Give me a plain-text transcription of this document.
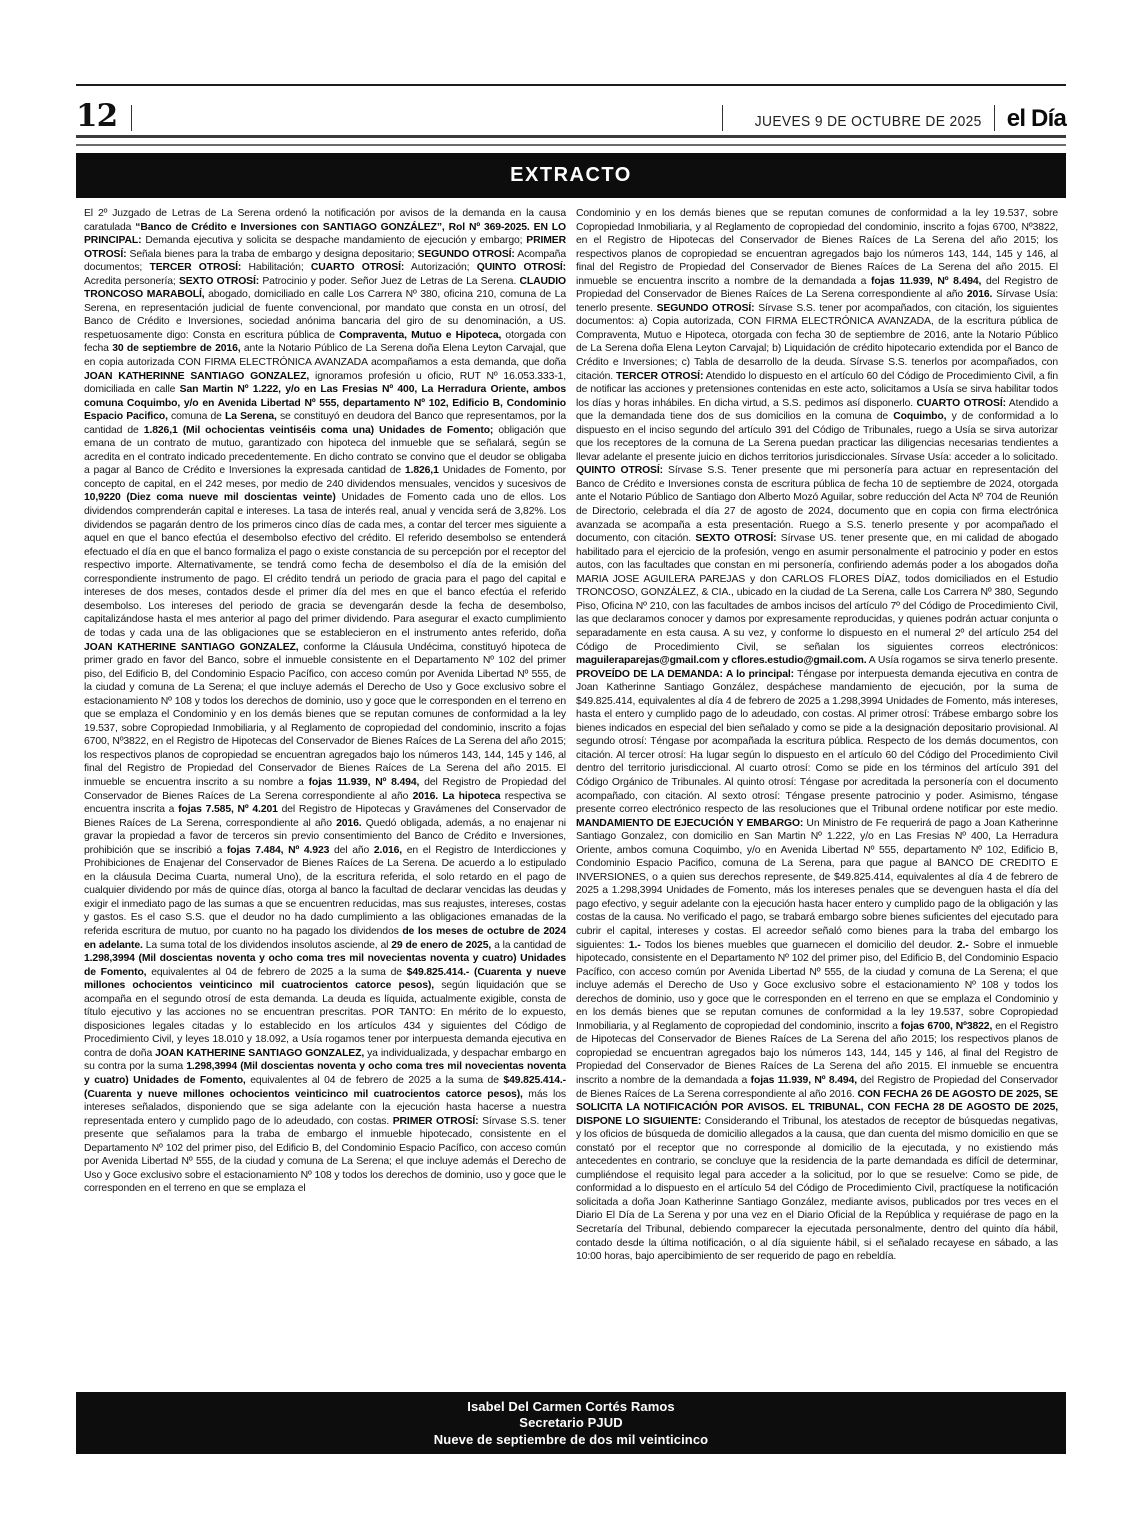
12	JUEVES 9 DE OCTUBRE DE 2025 el Día
EXTRACTO
El 2º Juzgado de Letras de La Serena ordenó la notificación por avisos de la demanda en la causa caratulada “Banco de Crédito e Inversiones con SANTIAGO GONZÁLEZ”, Rol Nº 369-2025. EN LO PRINCIPAL: Demanda ejecutiva y solicita se despache mandamiento de ejecución y embargo; PRIMER OTROSÍ: Señala bienes para la traba de embargo y designa depositario; SEGUNDO OTROSÍ: Acompaña documentos; TERCER OTROSÍ: Habilitación; CUARTO OTROSÍ: Autorización; QUINTO OTROSÍ: Acredita personería; SEXTO OTROSÍ: Patrocinio y poder. Señor Juez de Letras de La Serena. CLAUDIO TRONCOSO MARABOLÍ, abogado, domiciliado en calle Los Carrera Nº 380, oficina 210, comuna de La Serena, en representación judicial de fuente convencional, por mandato que consta en un otrosí, del Banco de Crédito e Inversiones, sociedad anónima bancaria del giro de su denominación, a US. respetuosamente digo: Consta en escritura pública de Compraventa, Mutuo e Hipoteca, otorgada con fecha 30 de septiembre de 2016, ante la Notario Público de La Serena doña Elena Leyton Carvajal, que en copia autorizada CON FIRMA ELECTRÓNICA AVANZADA acompañamos a esta demanda, que doña JOAN KATHERINNE SANTIAGO GONZALEZ, ignoramos profesión u oficio, RUT Nº 16.053.333-1, domiciliada en calle San Martin Nº 1.222, y/o en Las Fresias Nº 400, La Herradura Oriente, ambos comuna Coquimbo, y/o en Avenida Libertad Nº 555, departamento Nº 102, Edificio B, Condominio Espacio Pacifico, comuna de La Serena, se constituyó en deudora del Banco que representamos, por la cantidad de 1.826,1 (Mil ochocientas veintiséis coma una) Unidades de Fomento; obligación que emana de un contrato de mutuo, garantizado con hipoteca del inmueble que se señalará, según se acredita en el contrato indicado precedentemente. En dicho contrato se convino que el deudor se obligaba a pagar al Banco de Crédito e Inversiones la expresada cantidad de 1.826,1 Unidades de Fomento, por concepto de capital, en el 242 meses, por medio de 240 dividendos mensuales, vencidos y sucesivos de 10,9220 (Diez coma nueve mil doscientas veinte) Unidades de Fomento cada uno de ellos. Los dividendos comprenderán capital e intereses. La tasa de interés real, anual y vencida será de 3,82%. Los dividendos se pagarán dentro de los primeros cinco días de cada mes, a contar del tercer mes siguiente a aquel en que el banco efectúa el desembolso efectivo del crédito. El referido desembolso se entenderá efectuado el día en que el banco formaliza el pago o existe constancia de su percepción por el receptor del respectivo importe. Alternativamente, se tendrá como fecha de desembolso el día de la emisión del correspondiente instrumento de pago. El crédito tendrá un periodo de gracia para el pago del capital e intereses de dos meses, contados desde el primer día del mes en que el banco efectúa el referido desembolso. Los intereses del periodo de gracia se devengarán desde la fecha de desembolso, capitalizándose hasta el mes anterior al pago del primer dividendo. Para asegurar el exacto cumplimiento de todas y cada una de las obligaciones que se establecieron en el instrumento antes referido, doña JOAN KATHERINE SANTIAGO GONZALEZ, conforme la Cláusula Undécima, constituyó hipoteca de primer grado en favor del Banco, sobre el inmueble consistente en el Departamento Nº 102 del primer piso, del Edificio B, del Condominio Espacio Pacífico, con acceso común por Avenida Libertad Nº 555, de la ciudad y comuna de La Serena; el que incluye además el Derecho de Uso y Goce exclusivo sobre el estacionamiento Nº 108 y todos los derechos de dominio, uso y goce que le corresponden en el terreno en que se emplaza el Condominio y en los demás bienes que se reputan comunes de conformidad a la ley 19.537, sobre Copropiedad Inmobiliaria, y al Reglamento de copropiedad del condominio, inscrito a fojas 6700, Nº3822, en el Registro de Hipotecas del Conservador de Bienes Raíces de La Serena del año 2015; los respectivos planos de copropiedad se encuentran agregados bajo los números 143, 144, 145 y 146, al final del Registro de Propiedad del Conservador de Bienes Raíces de La Serena del año 2015. El inmueble se encuentra inscrito a su nombre a fojas 11.939, Nº 8.494, del Registro de Propiedad del Conservador de Bienes Raíces de La Serena correspondiente al año 2016. La hipoteca respectiva se encuentra inscrita a fojas 7.585, Nº 4.201 del Registro de Hipotecas y Gravámenes del Conservador de Bienes Raíces de La Serena, correspondiente al año 2016. Quedó obligada, además, a no enajenar ni gravar la propiedad a favor de terceros sin previo consentimiento del Banco de Crédito e Inversiones, prohibición que se inscribió a fojas 7.484, Nº 4.923 del año 2.016, en el Registro de Interdicciones y Prohibiciones de Enajenar del Conservador de Bienes Raíces de La Serena. De acuerdo a lo estipulado en la cláusula Decima Cuarta, numeral Uno), de la escritura referida, el solo retardo en el pago de cualquier dividendo por más de quince días, otorga al banco la facultad de declarar vencidas las deudas y exigir el inmediato pago de las sumas a que se encuentren reducidas, mas sus reajustes, intereses, costas y gastos. Es el caso S.S. que el deudor no ha dado cumplimiento a las obligaciones emanadas de la referida escritura de mutuo, por cuanto no ha pagado los dividendos de los meses de octubre de 2024 en adelante. La suma total de los dividendos insolutos asciende, al 29 de enero de 2025, a la cantidad de 1.298,3994 (Mil doscientas noventa y ocho coma tres mil novecientas noventa y cuatro) Unidades de Fomento, equivalentes al 04 de febrero de 2025 a la suma de $49.825.414.- (Cuarenta y nueve millones ochocientos veinticinco mil cuatrocientos catorce pesos), según liquidación que se acompaña en el segundo otrosí de esta demanda. La deuda es líquida, actualmente exigible, consta de título ejecutivo y las acciones no se encuentran prescritas. POR TANTO: En mérito de lo expuesto, disposiciones legales citadas y lo establecido en los artículos 434 y siguientes del Código de Procedimiento Civil, y leyes 18.010 y 18.092, a Usía rogamos tener por interpuesta demanda ejecutiva en contra de doña JOAN KATHERINE SANTIAGO GONZALEZ, ya individualizada, y despachar embargo en su contra por la suma 1.298,3994 (Mil doscientas noventa y ocho coma tres mil novecientas noventa y cuatro) Unidades de Fomento, equivalentes al 04 de febrero de 2025 a la suma de $49.825.414.- (Cuarenta y nueve millones ochocientos veinticinco mil cuatrocientos catorce pesos), más los intereses señalados, disponiendo que se siga adelante con la ejecución hasta hacerse a nuestra representada entero y cumplido pago de lo adeudado, con costas. PRIMER OTROSÍ: Sírvase S.S. tener presente que señalamos para la traba de embargo el inmueble hipotecado, consistente en el Departamento Nº 102 del primer piso, del Edificio B, del Condominio Espacio Pacífico, con acceso común por Avenida Libertad Nº 555, de la ciudad y comuna de La Serena; el que incluye además el Derecho de Uso y Goce exclusivo sobre el estacionamiento Nº 108 y todos los derechos de dominio, uso y goce que le corresponden en el terreno en que se emplaza el
Condominio y en los demás bienes que se reputan comunes de conformidad a la ley 19.537, sobre Copropiedad Inmobiliaria, y al Reglamento de copropiedad del condominio, inscrito a fojas 6700, Nº3822, en el Registro de Hipotecas del Conservador de Bienes Raíces de La Serena del año 2015; los respectivos planos de copropiedad se encuentran agregados bajo los números 143, 144, 145 y 146, al final del Registro de Propiedad del Conservador de Bienes Raíces de La Serena del año 2015. El inmueble se encuentra inscrito a nombre de la demandada a fojas 11.939, Nº 8.494, del Registro de Propiedad del Conservador de Bienes Raíces de La Serena correspondiente al año 2016. Sírvase Usía: tenerlo presente. SEGUNDO OTROSÍ: Sírvase S.S. tener por acompañados, con citación, los siguientes documentos: a) Copia autorizada, CON FIRMA ELECTRÓNICA AVANZADA, de la escritura pública de Compraventa, Mutuo e Hipoteca, otorgada con fecha 30 de septiembre de 2016, ante la Notario Público de La Serena doña Elena Leyton Carvajal; b) Liquidación de crédito hipotecario extendida por el Banco de Crédito e Inversiones; c) Tabla de desarrollo de la deuda. Sírvase S.S. tenerlos por acompañados, con citación. TERCER OTROSÍ: Atendido lo dispuesto en el artículo 60 del Código de Procedimiento Civil, a fin de notificar las acciones y pretensiones contenidas en este acto, solicitamos a Usía se sirva habilitar todos los días y horas inhábiles. En dicha virtud, a S.S. pedimos así disponerlo. CUARTO OTROSÍ: Atendido a que la demandada tiene dos de sus domicilios en la comuna de Coquimbo, y de conformidad a lo dispuesto en el inciso segundo del artículo 391 del Código de Tribunales, ruego a Usía se sirva autorizar que los receptores de la comuna de La Serena puedan practicar las diligencias necesarias tendientes a llevar adelante el presente juicio en dichos territorios jurisdiccionales. Sírvase Usía: acceder a lo solicitado. QUINTO OTROSÍ: Sírvase S.S. Tener presente que mi personería para actuar en representación del Banco de Crédito e Inversiones consta de escritura pública de fecha 10 de septiembre de 2024, otorgada ante el Notario Público de Santiago don Alberto Mozó Aguilar, sobre reducción del Acta Nº 704 de Reunión de Directorio, celebrada el día 27 de agosto de 2024, documento que en copia con firma electrónica avanzada se acompaña a esta presentación. Ruego a S.S. tenerlo presente y por acompañado el documento, con citación. SEXTO OTROSÍ: Sírvase US. tener presente que, en mi calidad de abogado habilitado para el ejercicio de la profesión, vengo en asumir personalmente el patrocinio y poder en estos autos, con las facultades que constan en mi personería, confiriendo además poder a los abogados doña MARIA JOSE AGUILERA PAREJAS y don CARLOS FLORES DÍAZ, todos domiciliados en el Estudio TRONCOSO, GONZÁLEZ, & CIA., ubicado en la ciudad de La Serena, calle Los Carrera Nº 380, Segundo Piso, Oficina Nº 210, con las facultades de ambos incisos del artículo 7º del Código de Procedimiento Civil, las que declaramos conocer y damos por expresamente reproducidas, y quienes podrán actuar conjunta o separadamente en esta causa. A su vez, y conforme lo dispuesto en el numeral 2º del artículo 254 del Código de Procedimiento Civil, se señalan los siguientes correos electrónicos: maguileraparejas@gmail.com y cflores.estudio@gmail.com. A Usía rogamos se sirva tenerlo presente. PROVEÍDO DE LA DEMANDA: A lo principal: Téngase por interpuesta demanda ejecutiva en contra de Joan Katherinne Santiago González, despáchese mandamiento de ejecución, por la suma de $49.825.414, equivalentes al día 4 de febrero de 2025 a 1.298,3994 Unidades de Fomento, más intereses, hasta el entero y cumplido pago de lo adeudado, con costas. Al primer otrosí: Trábese embargo sobre los bienes indicados en especial del bien señalado y como se pide a la designación depositario provisional. Al segundo otrosí: Téngase por acompañada la escritura pública. Respecto de los demás documentos, con citación. Al tercer otrosí: Ha lugar según lo dispuesto en el artículo 60 del Código del Procedimiento Civil dentro del territorio jurisdiccional. Al cuarto otrosí: Como se pide en los términos del artículo 391 del Código Orgánico de Tribunales. Al quinto otrosí: Téngase por acreditada la personería con el documento acompañado, con citación. Al sexto otrosí: Téngase presente patrocinio y poder. Asimismo, téngase presente correo electrónico respecto de las resoluciones que el Tribunal ordene notificar por este medio. MANDAMIENTO DE EJECUCIÓN Y EMBARGO: Un Ministro de Fe requerirá de pago a Joan Katherinne Santiago Gonzalez, con domicilio en San Martin Nº 1.222, y/o en Las Fresias Nº 400, La Herradura Oriente, ambos comuna Coquimbo, y/o en Avenida Libertad Nº 555, departamento Nº 102, Edificio B, Condominio Espacio Pacifico, comuna de La Serena, para que pague al BANCO DE CREDITO E INVERSIONES, o a quien sus derechos represente, de $49.825.414, equivalentes al día 4 de febrero de 2025 a 1.298,3994 Unidades de Fomento, más los intereses penales que se devenguen hasta el día del pago efectivo, y seguir adelante con la ejecución hasta hacer entero y cumplido pago de la obligación y las costas de la causa. No verificado el pago, se trabará embargo sobre bienes suficientes del ejecutado para cubrir el capital, intereses y costas. El acreedor señaló como bienes para la traba del embargo los siguientes: 1.- Todos los bienes muebles que guarnecen el domicilio del deudor. 2.- Sobre el inmueble hipotecado, consistente en el Departamento Nº 102 del primer piso, del Edificio B, del Condominio Espacio Pacífico, con acceso común por Avenida Libertad Nº 555, de la ciudad y comuna de La Serena; el que incluye además el Derecho de Uso y Goce exclusivo sobre el estacionamiento Nº 108 y todos los derechos de dominio, uso y goce que le corresponden en el terreno en que se emplaza el Condominio y en los demás bienes que se reputan comunes de conformidad a la ley 19.537, sobre Copropiedad Inmobiliaria, y al Reglamento de copropiedad del condominio, inscrito a fojas 6700, Nº3822, en el Registro de Hipotecas del Conservador de Bienes Raíces de La Serena del año 2015; los respectivos planos de copropiedad se encuentran agregados bajo los números 143, 144, 145 y 146, al final del Registro de Propiedad del Conservador de Bienes Raíces de La Serena del año 2015. El inmueble se encuentra inscrito a nombre de la demandada a fojas 11.939, Nº 8.494, del Registro de Propiedad del Conservador de Bienes Raíces de La Serena correspondiente al año 2016. CON FECHA 26 DE AGOSTO DE 2025, SE SOLICITA LA NOTIFICACIÓN POR AVISOS. EL TRIBUNAL, CON FECHA 28 DE AGOSTO DE 2025, DISPONE LO SIGUIENTE: Considerando el Tribunal, los atestados de receptor de búsquedas negativas, y los oficios de búsqueda de domicilio allegados a la causa, que dan cuenta del mismo domicilio en que se constató por el receptor que no corresponde al domicilio de la ejecutada, y no existiendo más antecedentes en contrario, se concluye que la residencia de la parte demandada es difícil de determinar, cumpliéndose el requisito legal para acceder a la solicitud, por lo que se resuelve: Como se pide, de conformidad a lo dispuesto en el artículo 54 del Código de Procedimiento Civil, practíquese la notificación solicitada a doña Joan Katherinne Santiago González, mediante avisos, publicados por tres veces en el Diario El Día de La Serena y por una vez en el Diario Oficial de la República y requiérase de pago en la Secretaría del Tribunal, debiendo comparecer la ejecutada personalmente, dentro del quinto día hábil, contado desde la última notificación, o al día siguiente hábil, si el señalado recayese en sábado, a las 10:00 horas, bajo apercibimiento de ser requerido de pago en rebeldía.
Isabel Del Carmen Cortés Ramos
Secretario PJUD
Nueve de septiembre de dos mil veinticinco
